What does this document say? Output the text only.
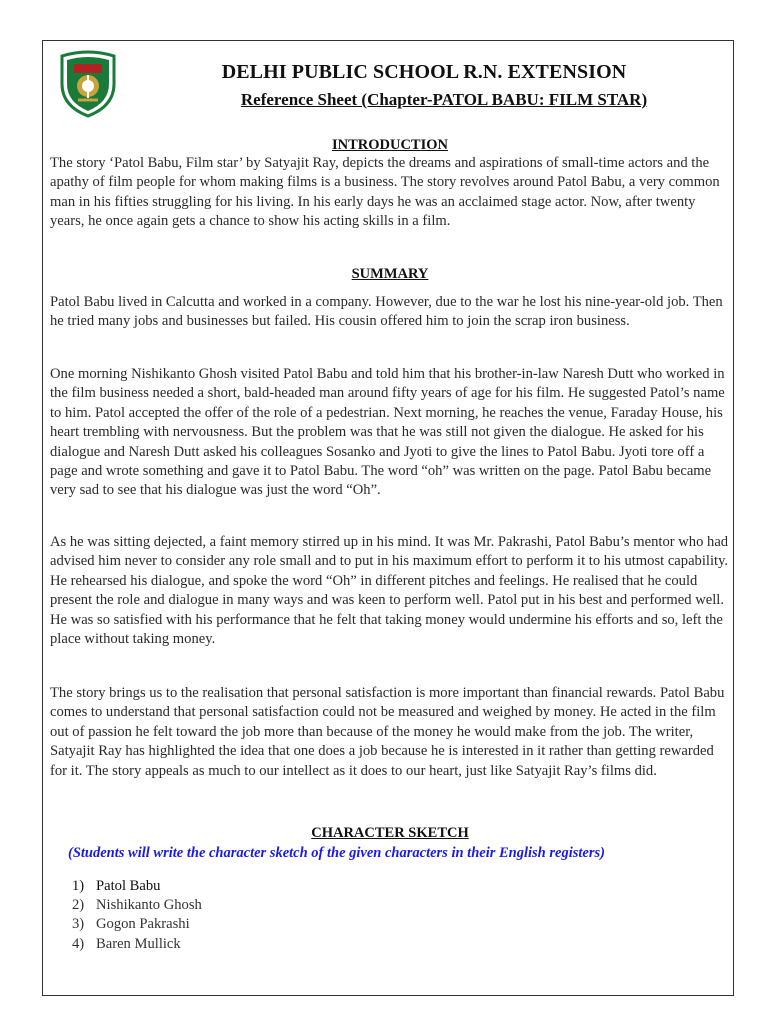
DELHI PUBLIC SCHOOL R.N. EXTENSION
Reference Sheet (Chapter-PATOL BABU: FILM STAR)
INTRODUCTION
The story ‘Patol Babu, Film star’ by Satyajit Ray, depicts the dreams and aspirations of small-time actors and the apathy of film people for whom making films is a business. The story revolves around Patol Babu, a very common man in his fifties struggling for his living. In his early days he was an acclaimed stage actor. Now, after twenty years, he once again gets a chance to show his acting skills in a film.
SUMMARY
Patol Babu lived in Calcutta and worked in a company. However, due to the war he lost his nine-year-old job. Then he tried many jobs and businesses but failed. His cousin offered him to join the scrap iron business.
One morning Nishikanto Ghosh visited Patol Babu and told him that his brother-in-law Naresh Dutt who worked in the film business needed a short, bald-headed man around fifty years of age for his film. He suggested Patol’s name to him. Patol accepted the offer of the role of a pedestrian. Next morning, he reaches the venue, Faraday House, his heart trembling with nervousness. But the problem was that he was still not given the dialogue. He asked for his dialogue and Naresh Dutt asked his colleagues Sosanko and Jyoti to give the lines to Patol Babu. Jyoti tore off a page and wrote something and gave it to Patol Babu. The word “oh” was written on the page. Patol Babu became very sad to see that his dialogue was just the word “Oh”.
As he was sitting dejected, a faint memory stirred up in his mind. It was Mr. Pakrashi, Patol Babu’s mentor who had advised him never to consider any role small and to put in his maximum effort to perform it to his utmost capability. He rehearsed his dialogue, and spoke the word “Oh” in different pitches and feelings. He realised that he could present the role and dialogue in many ways and was keen to perform well. Patol put in his best and performed well. He was so satisfied with his performance that he felt that taking money would undermine his efforts and so, left the place without taking money.
The story brings us to the realisation that personal satisfaction is more important than financial rewards. Patol Babu comes to understand that personal satisfaction could not be measured and weighed by money. He acted in the film out of passion he felt toward the job more than because of the money he would make from the job. The writer, Satyajit Ray has highlighted the idea that one does a job because he is interested in it rather than getting rewarded for it. The story appeals as much to our intellect as it does to our heart, just like Satyajit Ray’s films did.
CHARACTER SKETCH
(Students will write the character sketch of the given characters in their English registers)
1) Patol Babu
2) Nishikanto Ghosh
3) Gogon Pakrashi
4) Baren Mullick
